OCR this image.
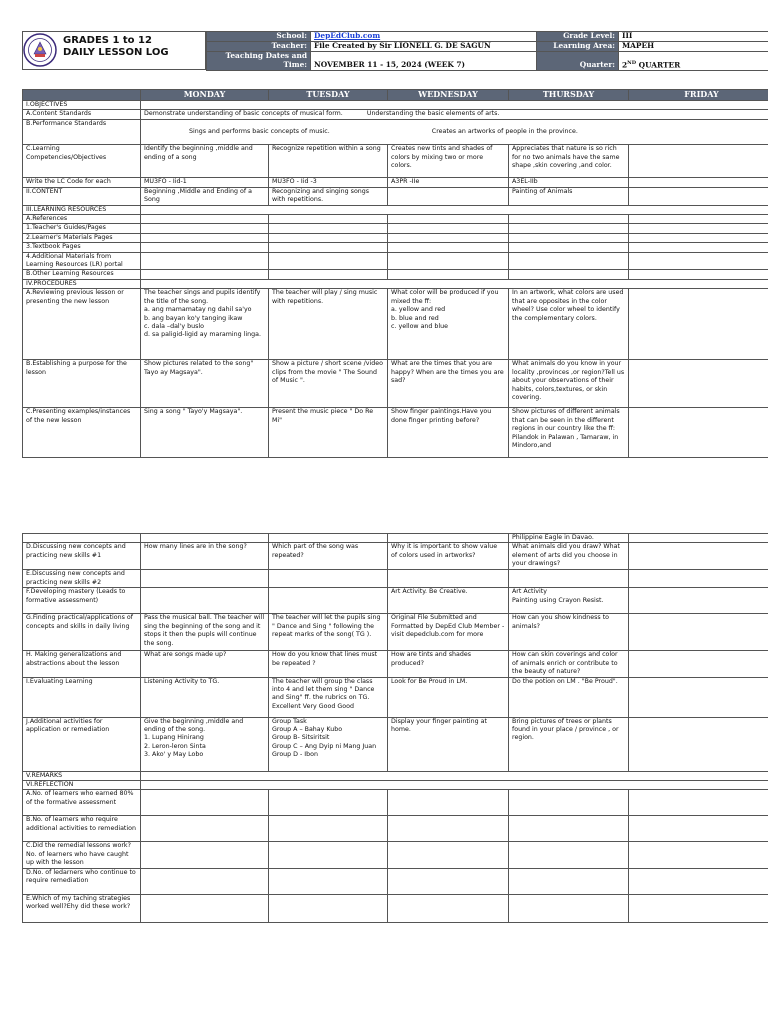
GRADES 1 to 12
DAILY LESSON LOG
School:	DepEdClub.com	Grade Level:	III
Teacher:	File Created by Sir LIONELL G. DE SAGUN	Learning Area:	MAPEH
Teaching Dates and
Time:	NOVEMBER 11 - 15, 2024 (WEEK 7)	Quarter:	2ND QUARTER
	MONDAY	TUESDAY	WEDNESDAY	THURSDAY	FRIDAY
I.OBJECTIVES					
A.Content Standards	Demonstrate understanding of basic concepts of musical form.            Understanding the basic elements of arts.				
B.Performance Standards	Sings and performs basic concepts of music.                                                   Creates an artworks of people in the province.				
C.Learning Competencies/Objectives	Identify the beginning ,middle and ending of a song	Recognize repetition within a song	Creates new tints and shades of colors by mixing two or more colors.	Appreciates that nature is so rich for no two animals have the same shape ,skin covering ,and color.	
Write the LC Code for each	MU3FO - Iid-1	MU3FO - Iid -3	A3PR -IIe	A3EL-IIb	
II.CONTENT	Beginning ,Middle and Ending of a Song	Recognizing and singing songs with repetitions.		Painting of Animals	
III.LEARNING RESOURCES					
A.References					
1.Teacher's Guides/Pages					
2.Learner's Materials Pages					
3.Textbook Pages					
4.Additional Materials from Learning Resources (LR) portal					
B.Other Learning Resources					
IV.PROCEDURES					
A.Reviewing previous lesson or presenting the new lesson	The teacher sings and pupils identify the title of the song.
a. ang mamamatay ng dahil sa'yo
b. ang bayan ko'y tanging ikaw
c. dala –dal'y buslo
d. sa paligid-ligid ay maraming linga.	The teacher will play / sing music with repetitions.	What color will be produced if you mixed the ff:
a. yellow and red
b. blue and red
c. yellow and blue	In an artwork, what colors are used that are opposites in the color wheel? Use color wheel to identify the complementary colors.	
B.Establishing a purpose for the lesson	Show pictures related to the song" Tayo ay Magsaya".	Show a picture / short scene /video clips from the movie " The Sound of Music ".	What are the times that you are happy? When are the times you are sad?	What animals do you know in your locality ,provinces ,or region?Tell us about your observations of their habits, colors,textures, or skin covering.	
C.Presenting examples/instances of the new lesson	Sing a song " Tayo'y Magsaya".	Present the music piece " Do Re Mi"	Show finger paintings.Have you done finger printing before?	Show pictures of different animals that can be seen in the different regions in our country like the ff: Pilandok in Palawan , Tamaraw, in Mindoro,and	
				Philippine Eagle in Davao.	
D.Discussing new concepts and practicing new skills #1	How many lines are in the song?	Which part of the song was repeated?	Why it is important to show value of colors used in artworks?	What animals did you draw? What element of arts did you choose in your drawings?	
E.Discussing new concepts and practicing new skills #2					
F.Developing mastery (Leads to formative assessment)			Art Activity. Be Creative.	Art Activity
Painting using Crayon Resist.	
G.Finding practical/applications of concepts and skills in daily living	Pass the musical ball. The teacher will sing the beginning of the song and it stops it then the pupls will continue the song.	The teacher will let the pupils sing " Dance and Sing " following the repeat marks of the song( TG ).	Original File Submitted and Formatted by DepEd Club Member - visit depedclub.com for more	How can you show kindness to animals?	
H. Making generalizations and abstractions about the lesson	What are songs made up?	How do you know that lines must be repeated ?	How are tints and shades produced?	How can skin coverings and color of animals enrich or contribute to the beauty of nature?	
I.Evaluating Learning	Listening Activity to TG.	The teacher will group the class into 4 and let them sing " Dance and Sing" ff. the rubrics on TG.
Excellent Very Good Good	Look for Be Proud in LM.	Do the potion on LM . "Be Proud".	
J.Additional activities for application or remediation	Give the beginning ,middle and ending of the song.
1. Lupang Hinirang
2. Leron-leron Sinta
3. Ako' y May Lobo	Group Task
Group A – Bahay Kubo
Group B- Sitsiritsit
Group C – Ang Dyip ni Mang Juan
Group D - Ibon	Display your finger painting at home.	Bring pictures of trees or plants found in your place / province , or region.	
V.REMARKS					
VI.REFLECTION					
A.No. of learners who earned 80% of the formative assessment					
B.No. of learners who require additional activities to remediation					
C.Did the remedial lessons work?No. of learners who have caught up with the lesson					
D.No. of ledarners who continue to require remediation					
E.Which of my taching strategies worked well?Ehy did these work?					
